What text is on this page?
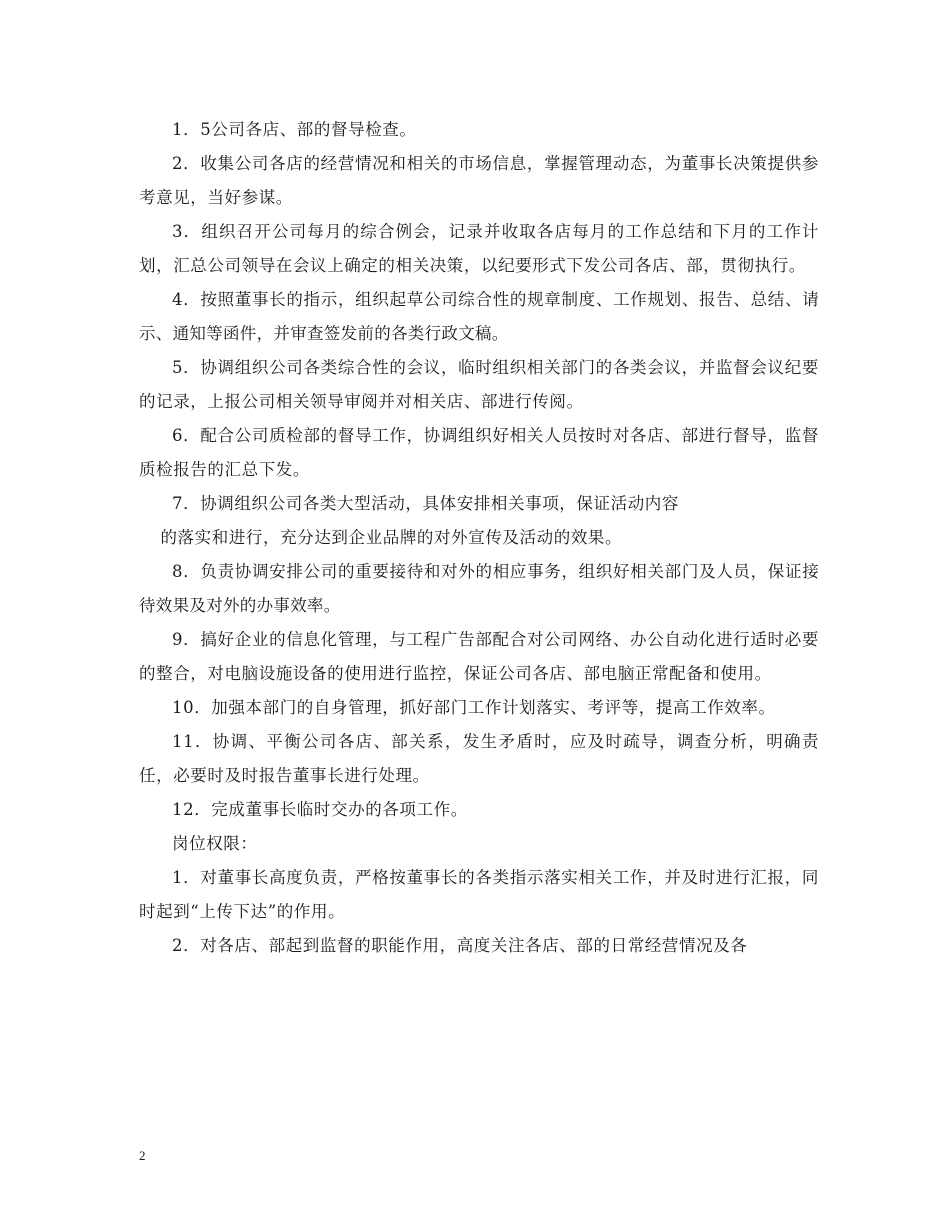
1．5公司各店、部的督导检查。

2．收集公司各店的经营情况和相关的市场信息，掌握管理动态，为董事长决策提供参考意见，当好参谋。

3．组织召开公司每月的综合例会，记录并收取各店每月的工作总结和下月的工作计划，汇总公司领导在会议上确定的相关决策，以纪要形式下发公司各店、部，贯彻执行。

4．按照董事长的指示，组织起草公司综合性的规章制度、工作规划、报告、总结、请示、通知等函件，并审查签发前的各类行政文稿。

5．协调组织公司各类综合性的会议，临时组织相关部门的各类会议，并监督会议纪要的记录，上报公司相关领导审阅并对相关店、部进行传阅。

6．配合公司质检部的督导工作，协调组织好相关人员按时对各店、部进行督导，监督质检报告的汇总下发。

7．协调组织公司各类大型活动，具体安排相关事项，保证活动内容
的落实和进行，充分达到企业品牌的对外宣传及活动的效果。

8．负责协调安排公司的重要接待和对外的相应事务，组织好相关部门及人员，保证接待效果及对外的办事效率。

9．搞好企业的信息化管理，与工程广告部配合对公司网络、办公自动化进行适时必要的整合，对电脑设施设备的使用进行监控，保证公司各店、部电脑正常配备和使用。

10．加强本部门的自身管理，抓好部门工作计划落实、考评等，提高工作效率。

11．协调、平衡公司各店、部关系，发生矛盾时，应及时疏导，调查分析，明确责任，必要时及时报告董事长进行处理。

12．完成董事长临时交办的各项工作。

岗位权限：

1．对董事长高度负责，严格按董事长的各类指示落实相关工作，并及时进行汇报，同时起到“上传下达”的作用。

2．对各店、部起到监督的职能作用，高度关注各店、部的日常经营情况及各

2
